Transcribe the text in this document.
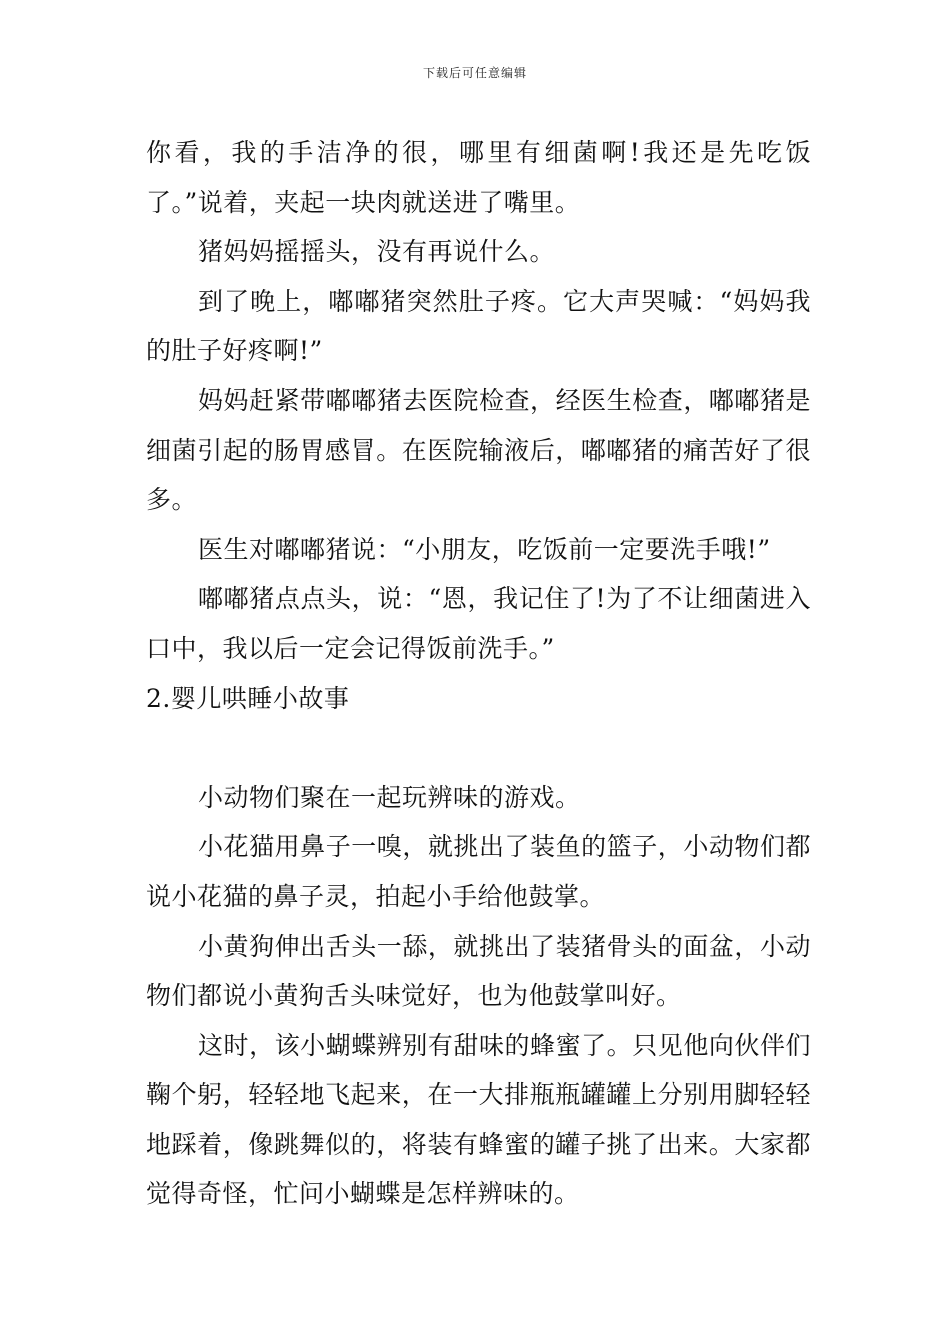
下载后可任意编辑

你看，我的手洁净的很，哪里有细菌啊!我还是先吃饭了。”说着，夹起一块肉就送进了嘴里。

猪妈妈摇摇头，没有再说什么。

到了晚上，嘟嘟猪突然肚子疼。它大声哭喊：“妈妈我的肚子好疼啊!”

妈妈赶紧带嘟嘟猪去医院检查，经医生检查，嘟嘟猪是细菌引起的肠胃感冒。在医院输液后，嘟嘟猪的痛苦好了很多。

医生对嘟嘟猪说：“小朋友，吃饭前一定要洗手哦!”

嘟嘟猪点点头，说：“恩，我记住了!为了不让细菌进入口中，我以后一定会记得饭前洗手。”

2.婴儿哄睡小故事

小动物们聚在一起玩辨味的游戏。

小花猫用鼻子一嗅，就挑出了装鱼的篮子，小动物们都说小花猫的鼻子灵，拍起小手给他鼓掌。

小黄狗伸出舌头一舔，就挑出了装猪骨头的面盆，小动物们都说小黄狗舌头味觉好，也为他鼓掌叫好。

这时，该小蝴蝶辨别有甜味的蜂蜜了。只见他向伙伴们鞠个躬，轻轻地飞起来，在一大排瓶瓶罐罐上分别用脚轻轻地踩着，像跳舞似的，将装有蜂蜜的罐子挑了出来。大家都觉得奇怪，忙问小蝴蝶是怎样辨味的。
